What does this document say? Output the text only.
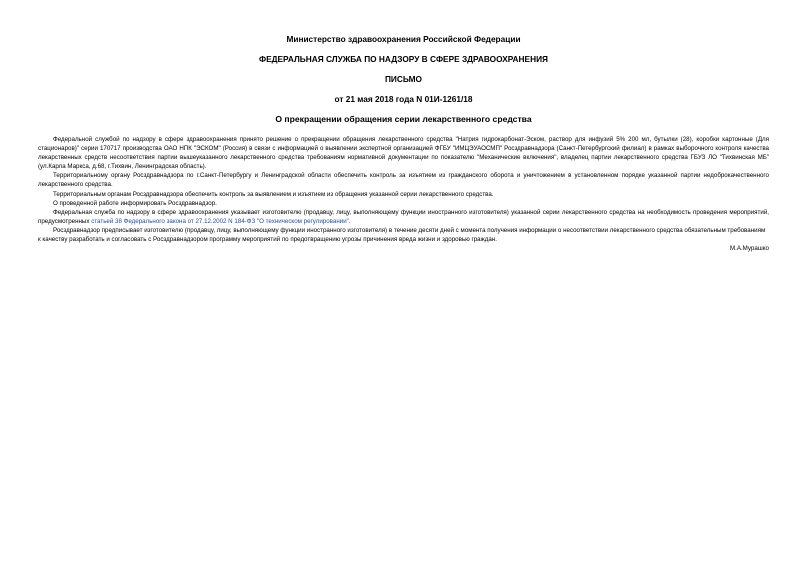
Министерство здравоохранения Российской Федерации

ФЕДЕРАЛЬНАЯ СЛУЖБА ПО НАДЗОРУ В СФЕРЕ ЗДРАВООХРАНЕНИЯ

ПИСЬМО

от 21 мая 2018 года N 01И-1261/18

О прекращении обращения серии лекарственного средства

Федеральной службой по надзору в сфере здравоохранения принято решение о прекращении обращения лекарственного средства "Натрия гидрокарбонат-Эском, раствор для инфузий 5% 200 мл, бутылки (28), коробки картонные (Для стационаров)" серии 170717 производства ОАО НПК "ЭСКОМ" (Россия) в связи с информацией о выявлении экспертной организацией ФГБУ "ИМЦЭУАОСМП" Росздравнадзора (Санкт-Петербургский филиал) в рамках выборочного контроля качества лекарственных средств несоответствия партии вышеуказанного лекарственного средства требованиям нормативной документации по показателю "Механические включения", владелец партии лекарственного средства ГБУЗ ЛО "Тихвинская МБ" (ул.Карла Маркса, д.68, г.Тихвин, Ленинградская область).

Территориальному органу Росздравнадзора по г.Санкт-Петербургу и Ленинградской области обеспечить контроль за изъятием из гражданского оборота и уничтожением в установленном порядке указанной партии недоброкачественного лекарственного средства.

Территориальным органам Росздравнадзора обеспечить контроль за выявлением и изъятием из обращения указанной серии лекарственного средства.

О проведенной работе информировать Росздравнадзор.

Федеральная служба по надзору в сфере здравоохранения указывает изготовителю (продавцу, лицу, выполняющему функции иностранного изготовителя) указанной серии лекарственного средства на необходимость проведения мероприятий, предусмотренных статьей 38 Федерального закона от 27.12.2002 N 184-ФЗ "О техническом регулировании".

Росздравнадзор предписывает изготовителю (продавцу, лицу, выполняющему функции иностранного изготовителя) в течение десяти дней с момента получения информации о несоответствии лекарственного средства обязательным требованиям к качеству разработать и согласовать с Росздравнадзором программу мероприятий по предотвращению угрозы причинения вреда жизни и здоровью граждан.

М.А.Мурашко
